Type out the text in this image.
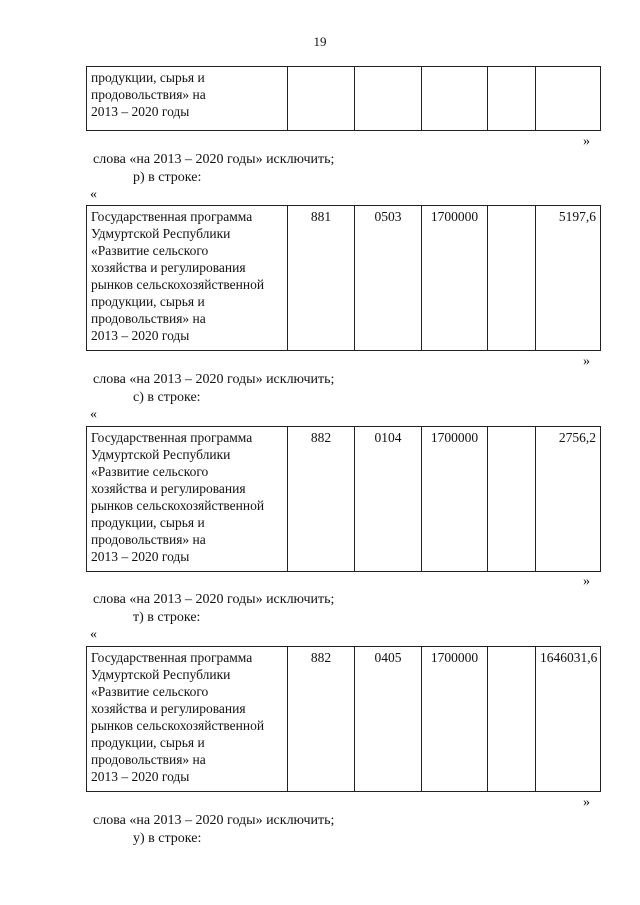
19
продукции, сырья и
продовольствия» на
2013 – 2020 годы					
»
слова «на 2013 – 2020 годы» исключить;
р) в строке:
«
Государственная программа
Удмуртской Республики
«Развитие сельского
хозяйства и регулирования
рынков сельскохозяйственной
продукции, сырья и
продовольствия» на
2013 – 2020 годы	881	0503	1700000		5197,6
»
слова «на 2013 – 2020 годы» исключить;
с) в строке:
«
Государственная программа
Удмуртской Республики
«Развитие сельского
хозяйства и регулирования
рынков сельскохозяйственной
продукции, сырья и
продовольствия» на
2013 – 2020 годы	882	0104	1700000		2756,2
»
слова «на 2013 – 2020 годы» исключить;
т) в строке:
«
Государственная программа
Удмуртской Республики
«Развитие сельского
хозяйства и регулирования
рынков сельскохозяйственной
продукции, сырья и
продовольствия» на
2013 – 2020 годы	882	0405	1700000		1646031,6
»
слова «на 2013 – 2020 годы» исключить;
у) в строке:
